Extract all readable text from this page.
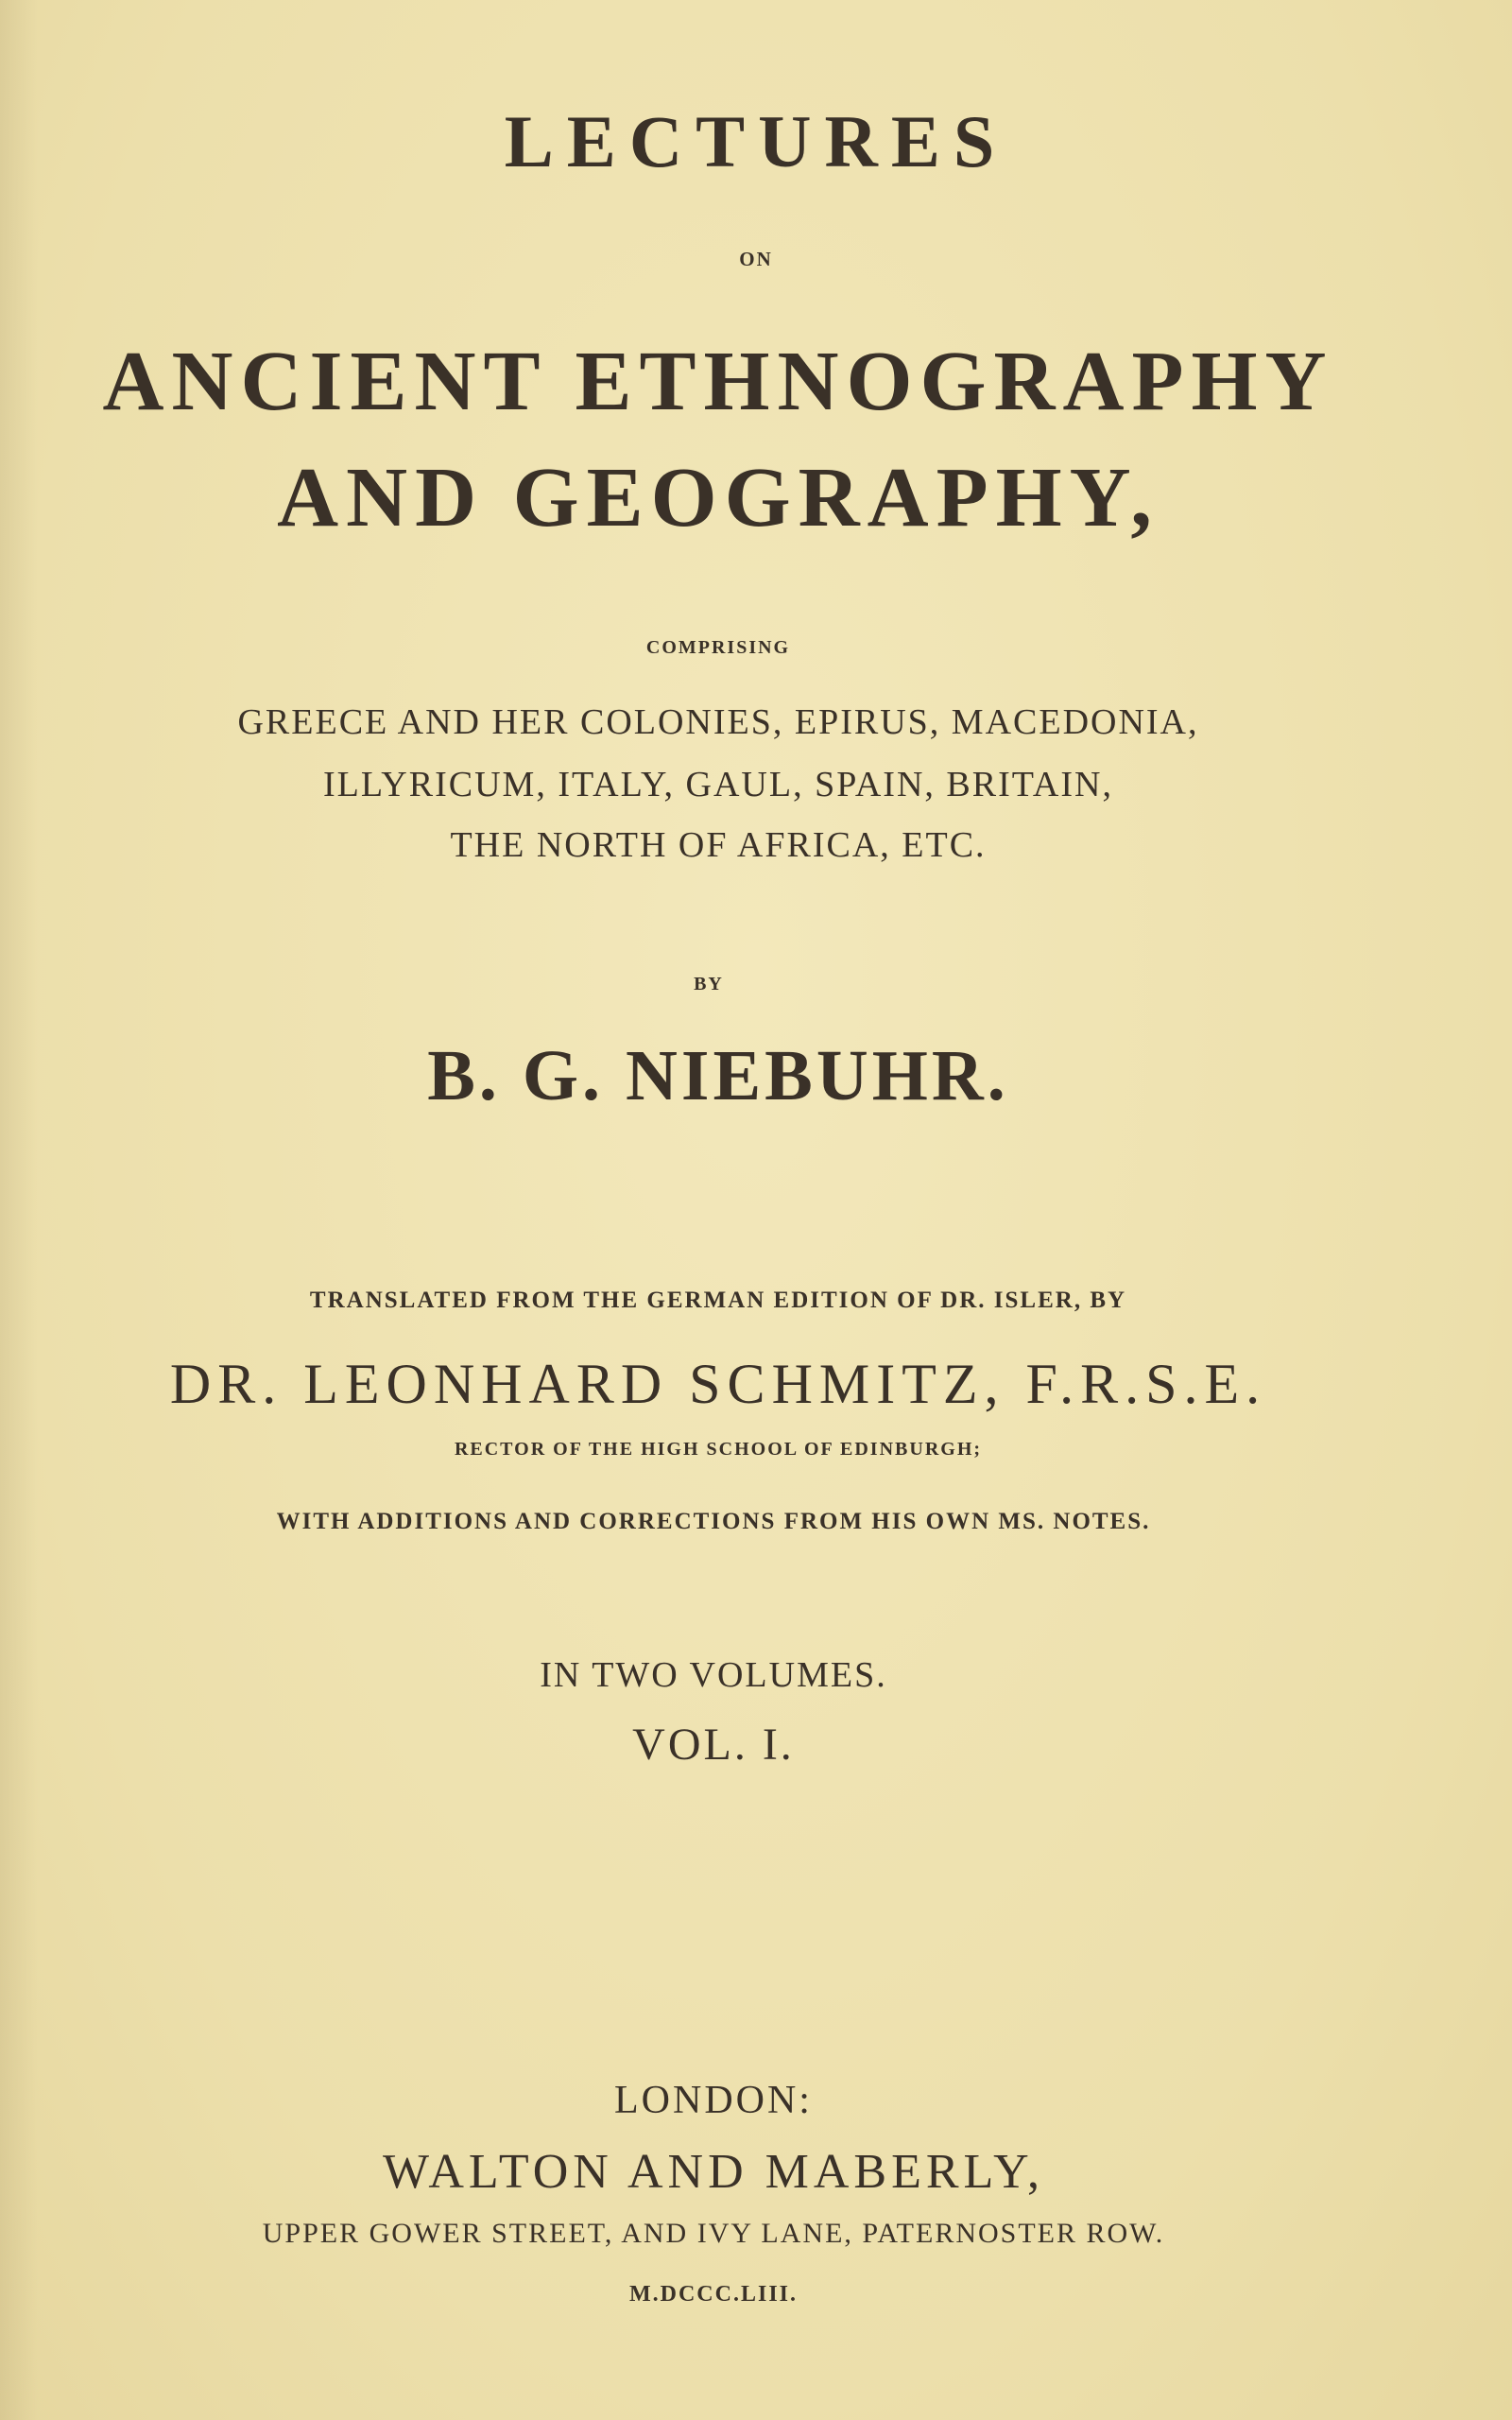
LECTURES
ON
ANCIENT ETHNOGRAPHY
AND GEOGRAPHY,
COMPRISING
GREECE AND HER COLONIES, EPIRUS, MACEDONIA,
ILLYRICUM, ITALY, GAUL, SPAIN, BRITAIN,
THE NORTH OF AFRICA, ETC.
BY
B. G. NIEBUHR.
TRANSLATED FROM THE GERMAN EDITION OF DR. ISLER, BY
DR. LEONHARD SCHMITZ, F.R.S.E.
RECTOR OF THE HIGH SCHOOL OF EDINBURGH;
WITH ADDITIONS AND CORRECTIONS FROM HIS OWN MS. NOTES.
IN TWO VOLUMES.
VOL. I.
LONDON:
WALTON AND MABERLY,
UPPER GOWER STREET, AND IVY LANE, PATERNOSTER ROW.
M.DCCC.LIII.
